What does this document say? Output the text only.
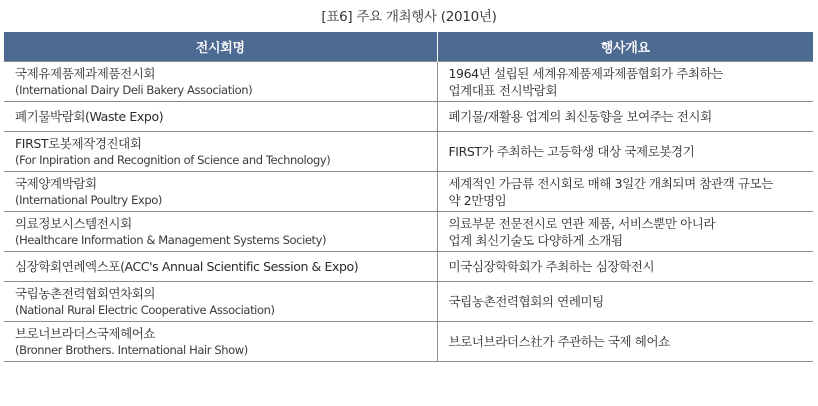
[표6] 주요 개최행사 (2010년)
전시회명	행사개요

국제유제품제과제품전시회
(International Dairy Deli Bakery Association)	1964년 설립된 세계유제품제과제품협회가 주최하는
업계대표 전시박람회

폐기물박람회(Waste Expo)	폐기물/재활용 업계의 최신동향을 보여주는 전시회

FIRST로봇제작경진대회
(For Inpiration and Recognition of Science and Technology)	FIRST가 주최하는 고등학생 대상 국제로봇경기

국제양계박람회
(International Poultry Expo)	세계적인 가금류 전시회로 매해 3일간 개최되며 참관객 규모는
약 2만명임

의료정보시스템전시회
(Healthcare Information & Management Systems Society)	의료부문 전문전시로 연관 제품, 서비스뿐만 아니라
업계 최신기술도 다양하게 소개됨

심장학회연례엑스포(ACC's Annual Scientific Session & Expo)	미국심장학학회가 주최하는 심장학전시

국립농촌전력협회연차회의
(National Rural Electric Cooperative Association)	국립농촌전력협회의 연례미팅

브로너브라더스국제헤어쇼
(Bronner Brothers. International Hair Show)	브로너브라더스社가 주관하는 국제 헤어쇼
